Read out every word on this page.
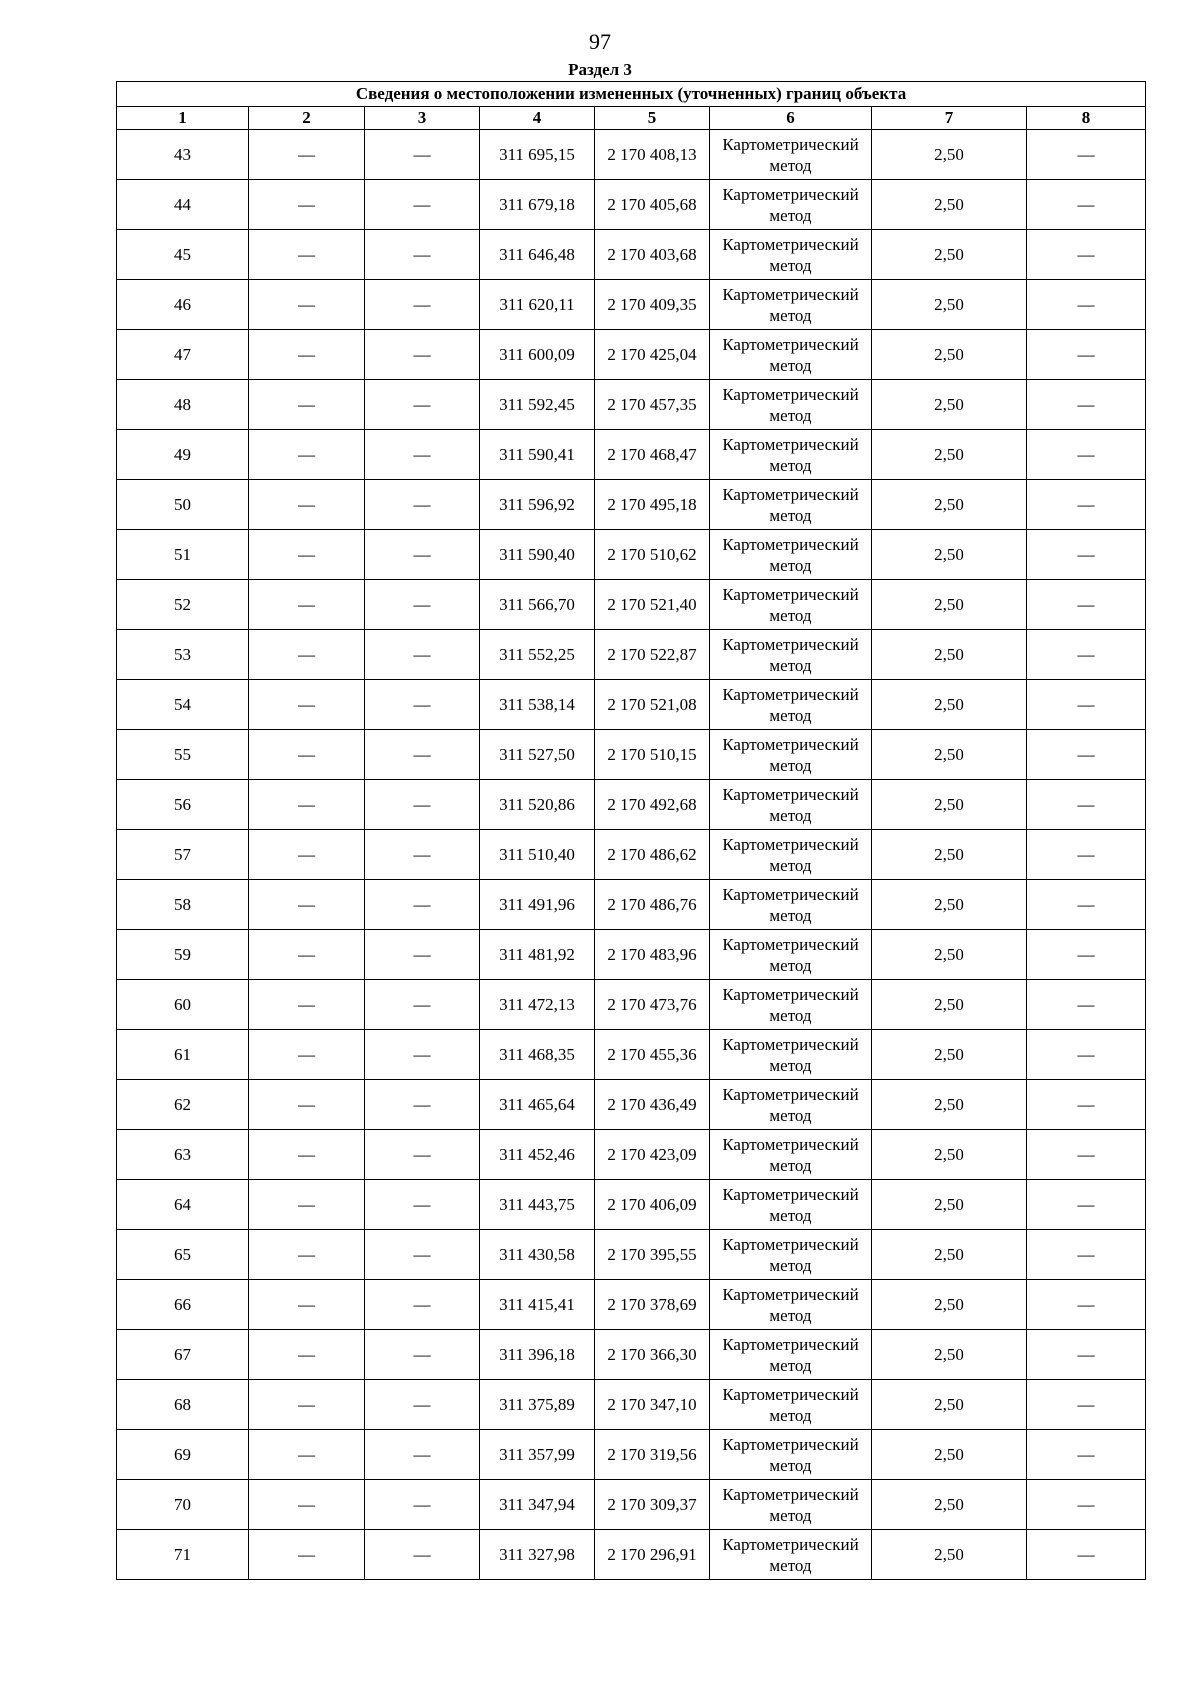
97
Раздел 3
Сведения о местоположении измененных (уточненных) границ объекта							
1	2	3	4	5	6	7	8
43	—	—	311 695,15	2 170 408,13	Картометрический метод	2,50	—
44	—	—	311 679,18	2 170 405,68	Картометрический метод	2,50	—
45	—	—	311 646,48	2 170 403,68	Картометрический метод	2,50	—
46	—	—	311 620,11	2 170 409,35	Картометрический метод	2,50	—
47	—	—	311 600,09	2 170 425,04	Картометрический метод	2,50	—
48	—	—	311 592,45	2 170 457,35	Картометрический метод	2,50	—
49	—	—	311 590,41	2 170 468,47	Картометрический метод	2,50	—
50	—	—	311 596,92	2 170 495,18	Картометрический метод	2,50	—
51	—	—	311 590,40	2 170 510,62	Картометрический метод	2,50	—
52	—	—	311 566,70	2 170 521,40	Картометрический метод	2,50	—
53	—	—	311 552,25	2 170 522,87	Картометрический метод	2,50	—
54	—	—	311 538,14	2 170 521,08	Картометрический метод	2,50	—
55	—	—	311 527,50	2 170 510,15	Картометрический метод	2,50	—
56	—	—	311 520,86	2 170 492,68	Картометрический метод	2,50	—
57	—	—	311 510,40	2 170 486,62	Картометрический метод	2,50	—
58	—	—	311 491,96	2 170 486,76	Картометрический метод	2,50	—
59	—	—	311 481,92	2 170 483,96	Картометрический метод	2,50	—
60	—	—	311 472,13	2 170 473,76	Картометрический метод	2,50	—
61	—	—	311 468,35	2 170 455,36	Картометрический метод	2,50	—
62	—	—	311 465,64	2 170 436,49	Картометрический метод	2,50	—
63	—	—	311 452,46	2 170 423,09	Картометрический метод	2,50	—
64	—	—	311 443,75	2 170 406,09	Картометрический метод	2,50	—
65	—	—	311 430,58	2 170 395,55	Картометрический метод	2,50	—
66	—	—	311 415,41	2 170 378,69	Картометрический метод	2,50	—
67	—	—	311 396,18	2 170 366,30	Картометрический метод	2,50	—
68	—	—	311 375,89	2 170 347,10	Картометрический метод	2,50	—
69	—	—	311 357,99	2 170 319,56	Картометрический метод	2,50	—
70	—	—	311 347,94	2 170 309,37	Картометрический метод	2,50	—
71	—	—	311 327,98	2 170 296,91	Картометрический метод	2,50	—
